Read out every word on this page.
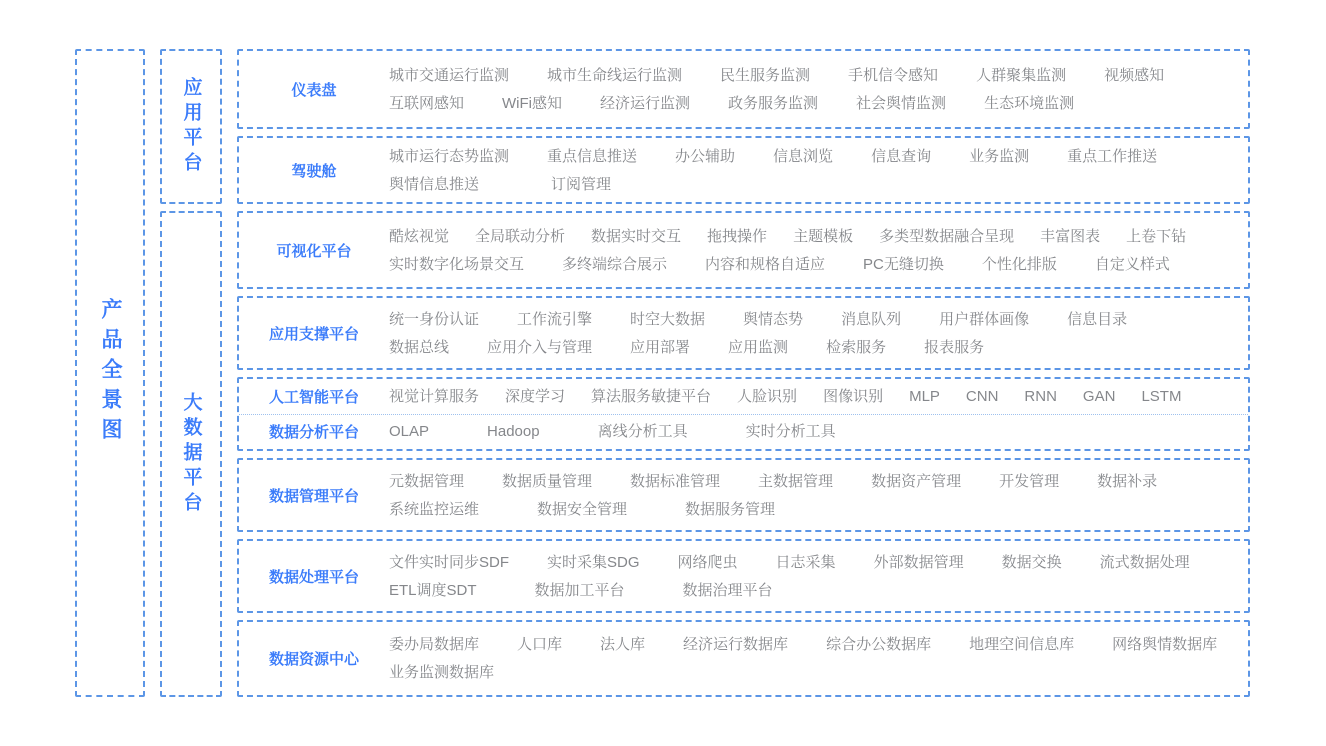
产品全景图
应用平台
大数据平台
仪表盘
城市交通运行监测	城市生命线运行监测	民生服务监测	手机信令感知	人群聚集监测	视频感知
互联网感知	WiFi感知	经济运行监测	政务服务监测	社会舆情监测	生态环境监测
驾驶舱
城市运行态势监测	重点信息推送	办公辅助	信息浏览	信息查询	业务监测	重点工作推送
舆情信息推送	订阅管理
可视化平台
酷炫视觉 全局联动分析 数据实时交互 拖拽操作 主题模板 多类型数据融合呈现 丰富图表 上卷下钻
实时数字化场景交互	多终端综合展示	内容和规格自适应	PC无缝切换	个性化排版	自定义样式
应用支撑平台
统一身份认证	工作流引擎	时空大数据	舆情态势	消息队列	用户群体画像	信息目录
数据总线	应用介入与管理	应用部署	应用监测	检索服务	报表服务
人工智能平台	视觉计算服务 深度学习 算法服务敏捷平台 人脸识别 图像识别 MLP CNN RNN GAN LSTM
数据分析平台	OLAP	Hadoop	离线分析工具	实时分析工具
数据管理平台
元数据管理	数据质量管理	数据标准管理	主数据管理	数据资产管理	开发管理	数据补录
系统监控运维	数据安全管理	数据服务管理
数据处理平台
文件实时同步SDF	实时采集SDG	网络爬虫	日志采集	外部数据管理	数据交换	流式数据处理
ETL调度SDT	数据加工平台	数据治理平台
数据资源中心
委办局数据库	人口库	法人库	经济运行数据库	综合办公数据库	地理空间信息库	网络舆情数据库
业务监测数据库
